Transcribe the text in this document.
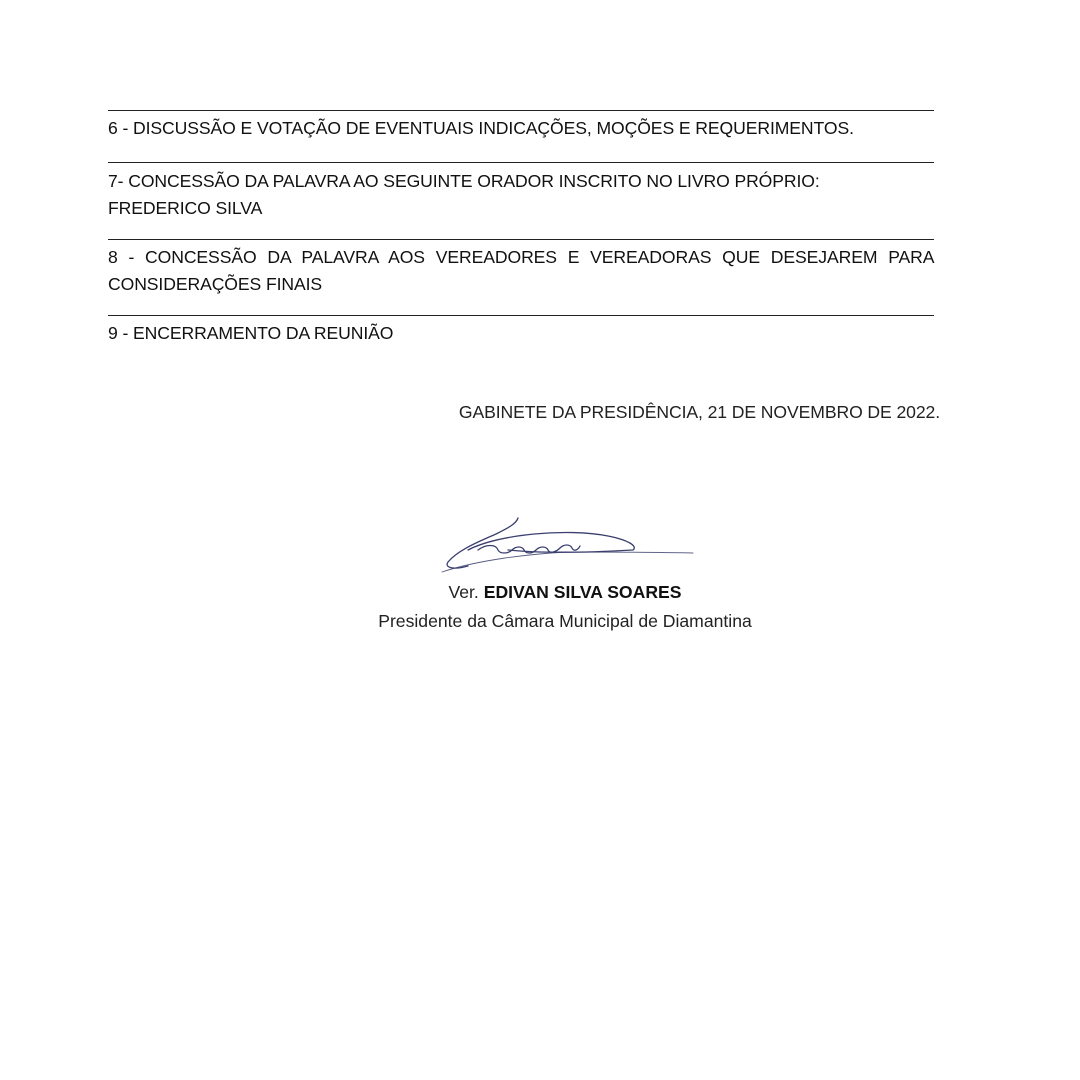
6 - DISCUSSÃO E VOTAÇÃO DE EVENTUAIS INDICAÇÕES, MOÇÕES E REQUERIMENTOS.
7- CONCESSÃO DA PALAVRA AO SEGUINTE ORADOR INSCRITO NO LIVRO PRÓPRIO:
FREDERICO SILVA
8 - CONCESSÃO DA PALAVRA AOS VEREADORES E VEREADORAS QUE DESEJAREM PARA
CONSIDERAÇÕES FINAIS
9 - ENCERRAMENTO DA REUNIÃO
GABINETE DA PRESIDÊNCIA, 21 DE NOVEMBRO DE 2022.
Ver. EDIVAN SILVA SOARES
Presidente da Câmara Municipal de Diamantina
